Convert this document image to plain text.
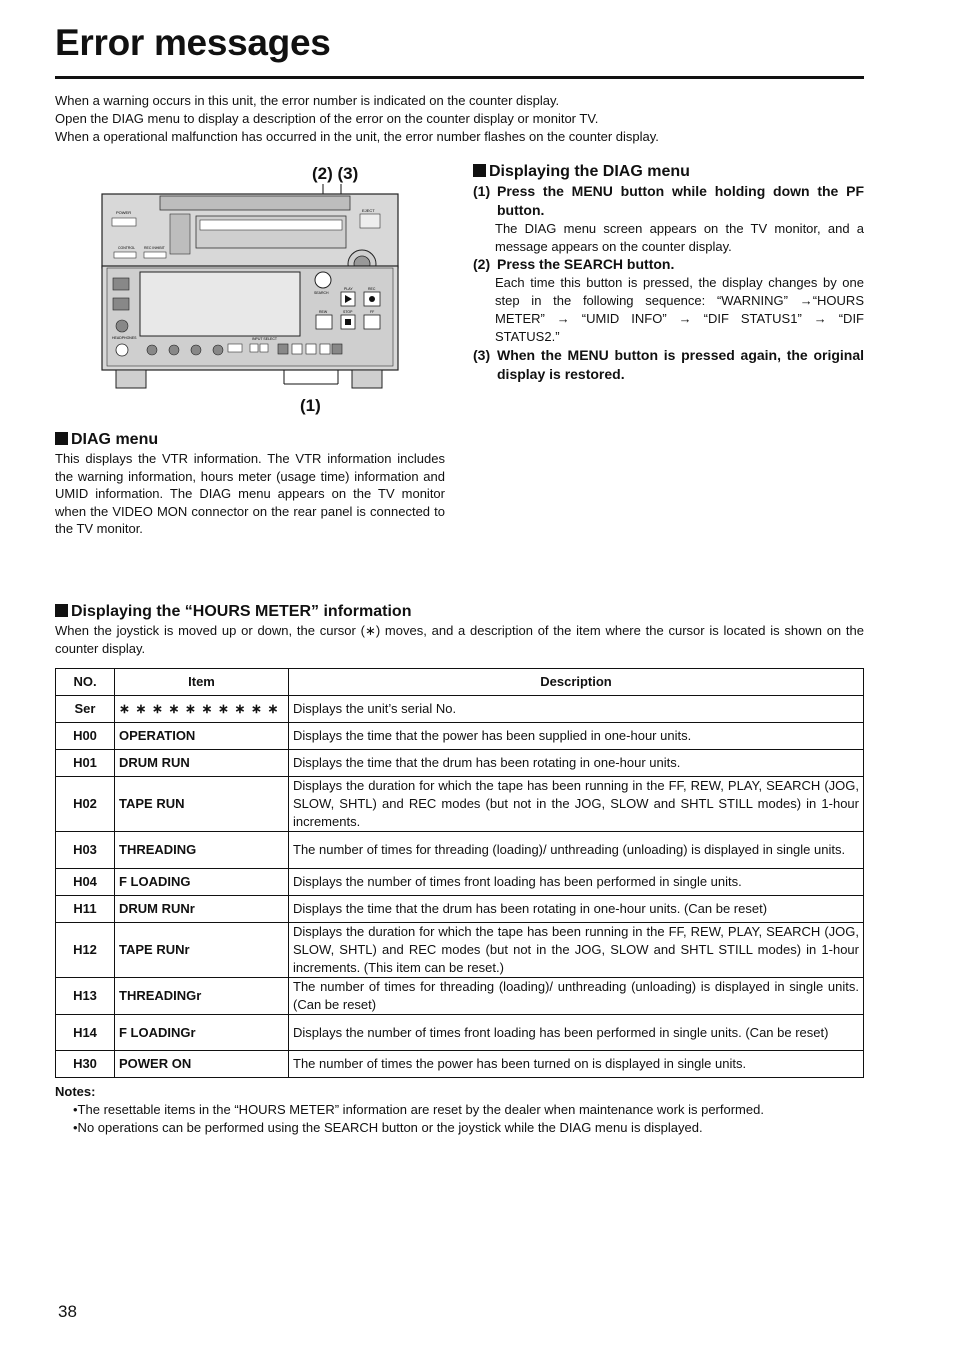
Error messages
When a warning occurs in this unit, the error number is indicated on the counter display.
Open the DIAG menu to display a description of the error on the counter display or monitor TV.
When a operational malfunction has occurred in the unit, the error number flashes on the counter display.
(2) (3)
(1)
POWER	EJECT
CONTROL	REC INHIBIT
HEADPHONES	INPUT SELECT
SEARCH
PLAY	REC
REW	STOP	FF
Displaying the DIAG menu
(1) Press the MENU button while holding down the PF button.
The DIAG menu screen appears on the TV monitor, and a message appears on the counter display.
(2) Press the SEARCH button.
Each time this button is pressed, the display changes by one step in the following sequence: “WARNING” →“HOURS METER” → “UMID INFO” → “DIF STATUS1” → “DIF STATUS2.”
(3) When the MENU button is pressed again, the original display is restored.
DIAG menu
This displays the VTR information. The VTR information includes the warning information, hours meter (usage time) information and UMID information. The DIAG menu appears on the TV monitor when the VIDEO MON connector on the rear panel is connected to the TV monitor.
Displaying the “HOURS METER” information
When the joystick is moved up or down, the cursor (∗) moves, and a description of the item where the cursor is located is shown on the counter display.
NO.	Item	Description
Ser	∗ ∗ ∗ ∗ ∗ ∗ ∗ ∗ ∗ ∗	Displays the unit’s serial No.
H00	OPERATION	Displays the time that the power has been supplied in one-hour units.
H01	DRUM RUN	Displays the time that the drum has been rotating in one-hour units.
H02	TAPE RUN	Displays the duration for which the tape has been running in the FF, REW, PLAY, SEARCH (JOG, SLOW, SHTL) and REC modes (but not in the JOG, SLOW and SHTL STILL modes) in 1-hour increments.
H03	THREADING	The number of times for threading (loading)/ unthreading (unloading) is displayed in single units.
H04	F LOADING	Displays the number of times front loading has been performed in single units.
H11	DRUM RUNr	Displays the time that the drum has been rotating in one-hour units. (Can be reset)
H12	TAPE RUNr	Displays the duration for which the tape has been running in the FF, REW, PLAY, SEARCH (JOG, SLOW, SHTL) and REC modes (but not in the JOG, SLOW and SHTL STILL modes) in 1-hour increments. (This item can be reset.)
H13	THREADINGr	The number of times for threading (loading)/ unthreading (unloading) is displayed in single units. (Can be reset)
H14	F LOADINGr	Displays the number of times front loading has been performed in single units. (Can be reset)
H30	POWER ON	The number of times the power has been turned on is displayed in single units.
Notes:
•The resettable items in the “HOURS METER” information are reset by the dealer when maintenance work is performed.
•No operations can be performed using the SEARCH button or the joystick while the DIAG menu is displayed.
38
